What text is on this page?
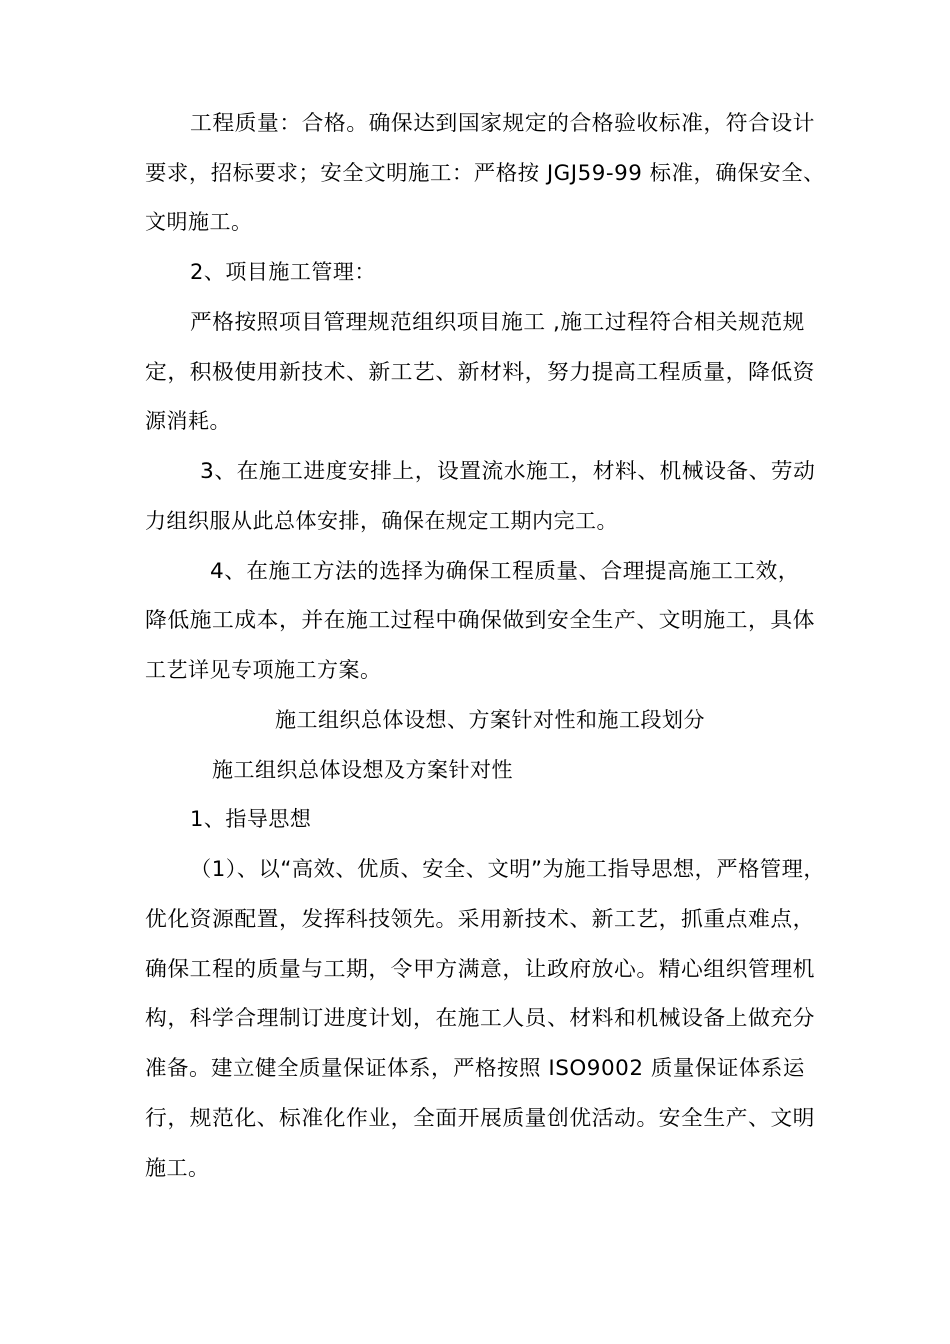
工程质量：合格。确保达到国家规定的合格验收标准，符合设计
要求，招标要求；安全文明施工：严格按 JGJ59-99 标准，确保安全、
文明施工。
2、项目施工管理：
严格按照项目管理规范组织项目施工 ,施工过程符合相关规范规
定，积极使用新技术、新工艺、新材料，努力提高工程质量，降低资
源消耗。
3、在施工进度安排上，设置流水施工，材料、机械设备、劳动
力组织服从此总体安排，确保在规定工期内完工。
4、在施工方法的选择为确保工程质量、合理提高施工工效，
降低施工成本，并在施工过程中确保做到安全生产、文明施工，具体
工艺详见专项施工方案。
施工组织总体设想、方案针对性和施工段划分
施工组织总体设想及方案针对性
1、指导思想
（1）、以“高效、优质、安全、文明”为施工指导思想，严格管理，
优化资源配置，发挥科技领先。采用新技术、新工艺，抓重点难点，
确保工程的质量与工期，令甲方满意，让政府放心。精心组织管理机
构，科学合理制订进度计划，在施工人员、材料和机械设备上做充分
准备。建立健全质量保证体系，严格按照 ISO9002 质量保证体系运
行，规范化、标准化作业，全面开展质量创优活动。安全生产、文明
施工。
